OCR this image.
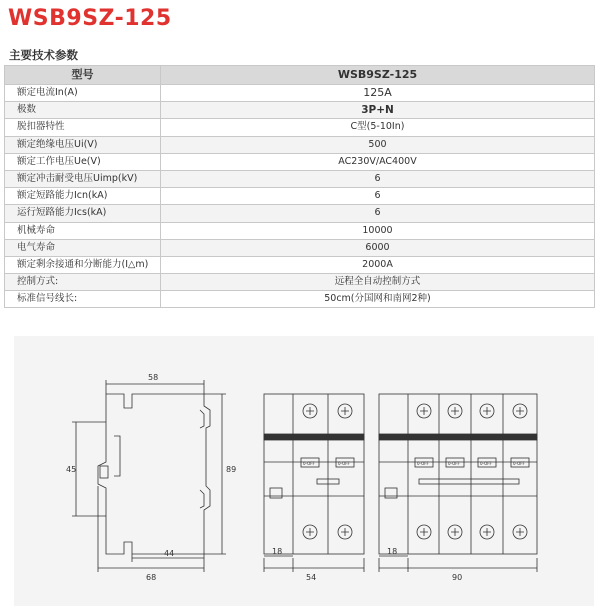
WSB9SZ-125
主要技术参数
型号	WSB9SZ-125
额定电流In(A)	125A
极数	3P+N
脱扣器特性	C型(5-10In)
额定绝缘电压Ui(V)	500
额定工作电压Ue(V)	AC230V/AC400V
额定冲击耐受电压Uimp(kV)	6
额定短路能力Icn(kA)	6
运行短路能力Ics(kA)	6
机械寿命	10000
电气寿命	6000
额定剩余接通和分断能力(I△m)	2000A
控制方式:	远程全自动控制方式
标准信号线长:	50cm(分国网和南网2种)
58
89
45
44
68
18
54
18
90
0-OFF	0-OFF	0-OFF	0-OFF	0-OFF	0-OFF
